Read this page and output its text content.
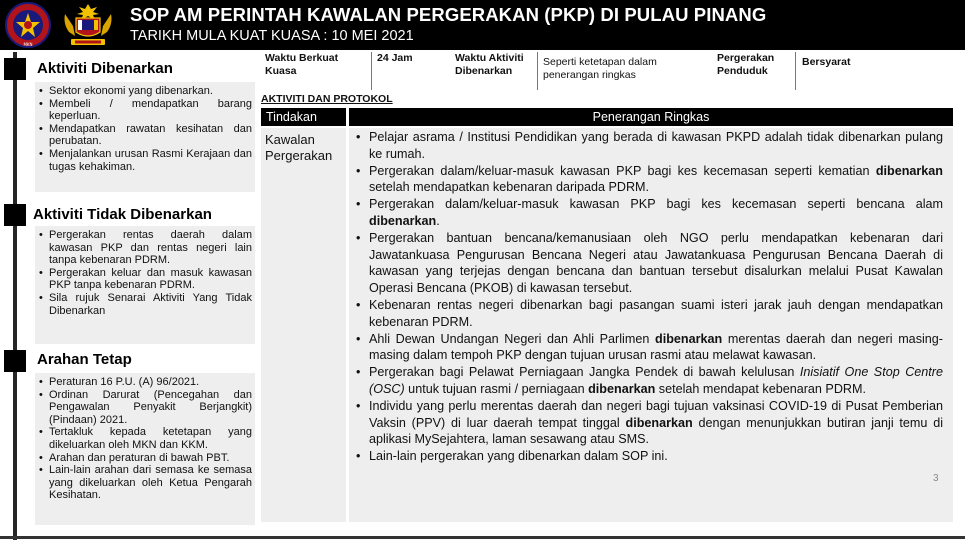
MKN
SOP AM PERINTAH KAWALAN PERGERAKAN (PKP) DI PULAU PINANG
TARIKH MULA KUAT KUASA : 10 MEI 2021
Aktiviti Dibenarkan
• Sektor ekonomi yang dibenarkan.
• Membeli / mendapatkan barang keperluan.
• Mendapatkan rawatan kesihatan dan perubatan.
• Menjalankan urusan Rasmi Kerajaan dan tugas kehakiman.
Aktiviti Tidak Dibenarkan
• Pergerakan rentas daerah dalam kawasan PKP dan rentas negeri lain tanpa kebenaran PDRM.
• Pergerakan keluar dan masuk kawasan PKP tanpa kebenaran PDRM.
• Sila rujuk Senarai Aktiviti Yang Tidak Dibenarkan
Arahan Tetap
• Peraturan 16 P.U. (A) 96/2021.
• Ordinan Darurat (Pencegahan dan Pengawalan Penyakit Berjangkit) (Pindaan) 2021.
• Tertakluk kepada ketetapan yang dikeluarkan oleh MKN dan KKM.
• Arahan dan peraturan di bawah PBT.
• Lain-lain arahan dari semasa ke semasa yang dikeluarkan oleh Ketua Pengarah Kesihatan.
Waktu Berkuat Kuasa
24 Jam	Waktu Aktiviti Dibenarkan
Seperti ketetapan dalam penerangan ringkas
Pergerakan Penduduk
Bersyarat
AKTIVITI DAN PROTOKOL
Tindakan	Penerangan Ringkas
Kawalan Pergerakan
• Pelajar asrama / Institusi Pendidikan yang berada di kawasan PKPD adalah tidak dibenarkan pulang ke rumah.
• Pergerakan dalam/keluar-masuk kawasan PKP bagi kes kecemasan seperti kematian dibenarkan setelah mendapatkan kebenaran daripada PDRM.
• Pergerakan dalam/keluar-masuk kawasan PKP bagi kes kecemasan seperti bencana alam dibenarkan.
• Pergerakan bantuan bencana/kemanusiaan oleh NGO perlu mendapatkan kebenaran dari Jawatankuasa Pengurusan Bencana Negeri atau Jawatankuasa Pengurusan Bencana Daerah di kawasan yang terjejas dengan bencana dan bantuan tersebut disalurkan melalui Pusat Kawalan Operasi Bencana (PKOB) di kawasan tersebut.
• Kebenaran rentas negeri dibenarkan bagi pasangan suami isteri jarak jauh dengan mendapatkan kebenaran PDRM.
• Ahli Dewan Undangan Negeri dan Ahli Parlimen dibenarkan merentas daerah dan negeri masing-masing dalam tempoh PKP dengan tujuan urusan rasmi atau melawat kawasan.
• Pergerakan bagi Pelawat Perniagaan Jangka Pendek di bawah kelulusan Inisiatif One Stop Centre (OSC) untuk tujuan rasmi / perniagaan dibenarkan setelah mendapat kebenaran PDRM.
• Individu yang perlu merentas daerah dan negeri bagi tujuan vaksinasi COVID-19 di Pusat Pemberian Vaksin (PPV) di luar daerah tempat tinggal dibenarkan dengan menunjukkan butiran janji temu di aplikasi MySejahtera, laman sesawang atau SMS.
• Lain-lain pergerakan yang dibenarkan dalam SOP ini.
3
